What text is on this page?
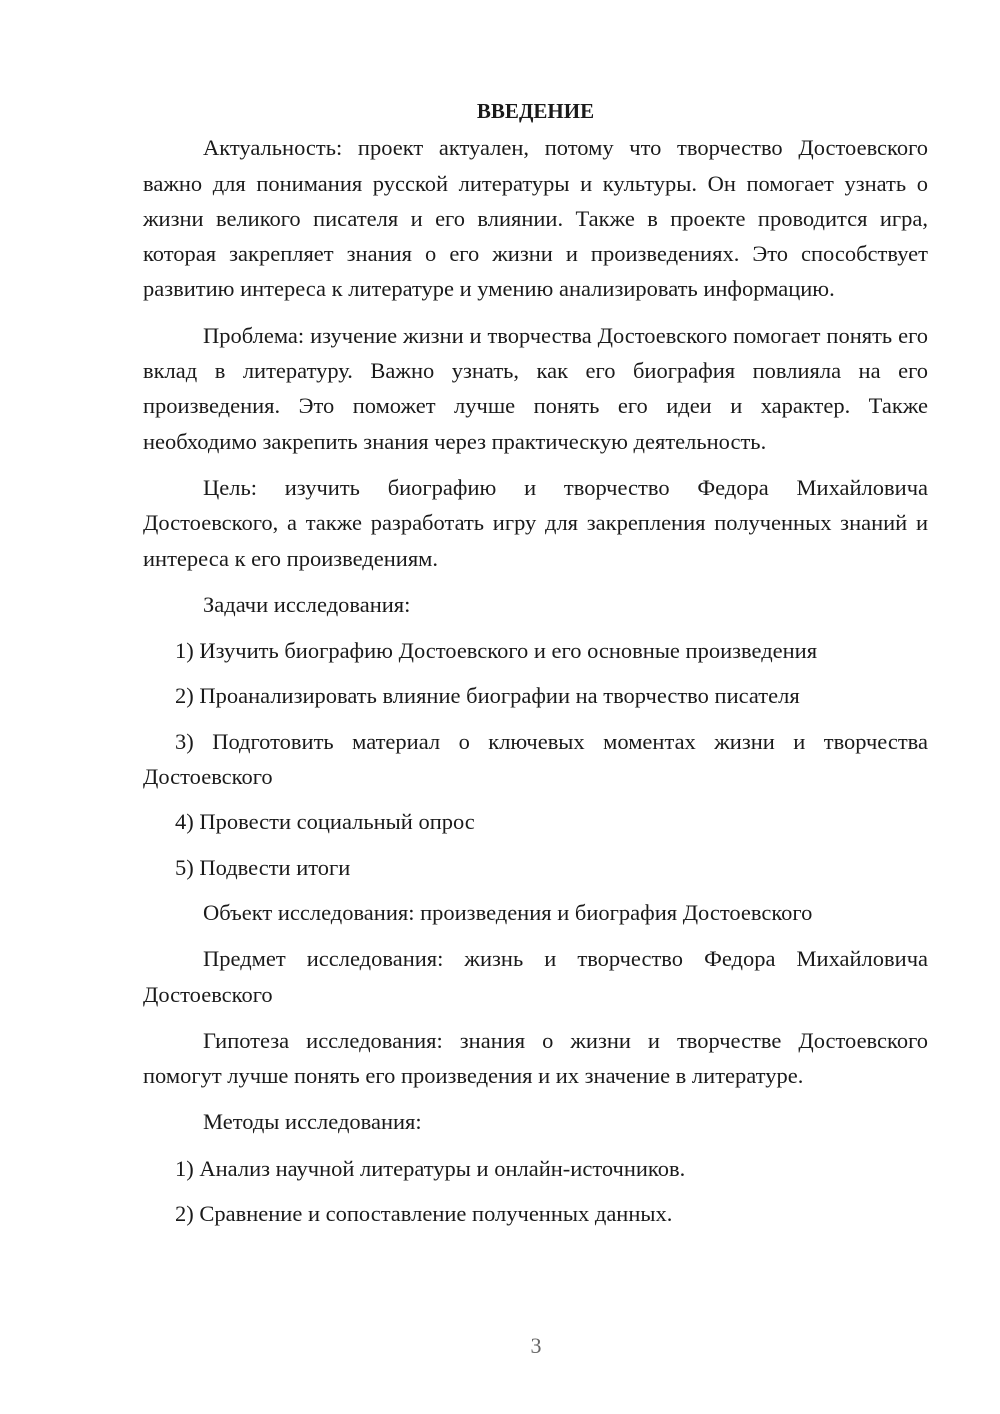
ВВЕДЕНИЕ

Актуальность: проект актуален, потому что творчество Достоевского важно для понимания русской литературы и культуры. Он помогает узнать о жизни великого писателя и его влиянии. Также в проекте проводится игра, которая закрепляет знания о его жизни и произведениях. Это способствует развитию интереса к литературе и умению анализировать информацию.

Проблема: изучение жизни и творчества Достоевского помогает понять его вклад в литературу. Важно узнать, как его биография повлияла на его произведения. Это поможет лучше понять его идеи и характер. Также необходимо закрепить знания через практическую деятельность.

Цель: изучить биографию и творчество Федора Михайловича Достоевского, а также разработать игру для закрепления полученных знаний и интереса к его произведениям.

Задачи исследования:

1) Изучить биографию Достоевского и его основные произведения

2) Проанализировать влияние биографии на творчество писателя

3) Подготовить материал о ключевых моментах жизни и творчества Достоевского

4) Провести социальный опрос

5) Подвести итоги

Объект исследования: произведения и биография Достоевского

Предмет исследования: жизнь и творчество Федора Михайловича Достоевского

Гипотеза исследования: знания о жизни и творчестве Достоевского помогут лучше понять его произведения и их значение в литературе.

Методы исследования:

1) Анализ научной литературы и онлайн-источников.

2) Сравнение и сопоставление полученных данных.

3
